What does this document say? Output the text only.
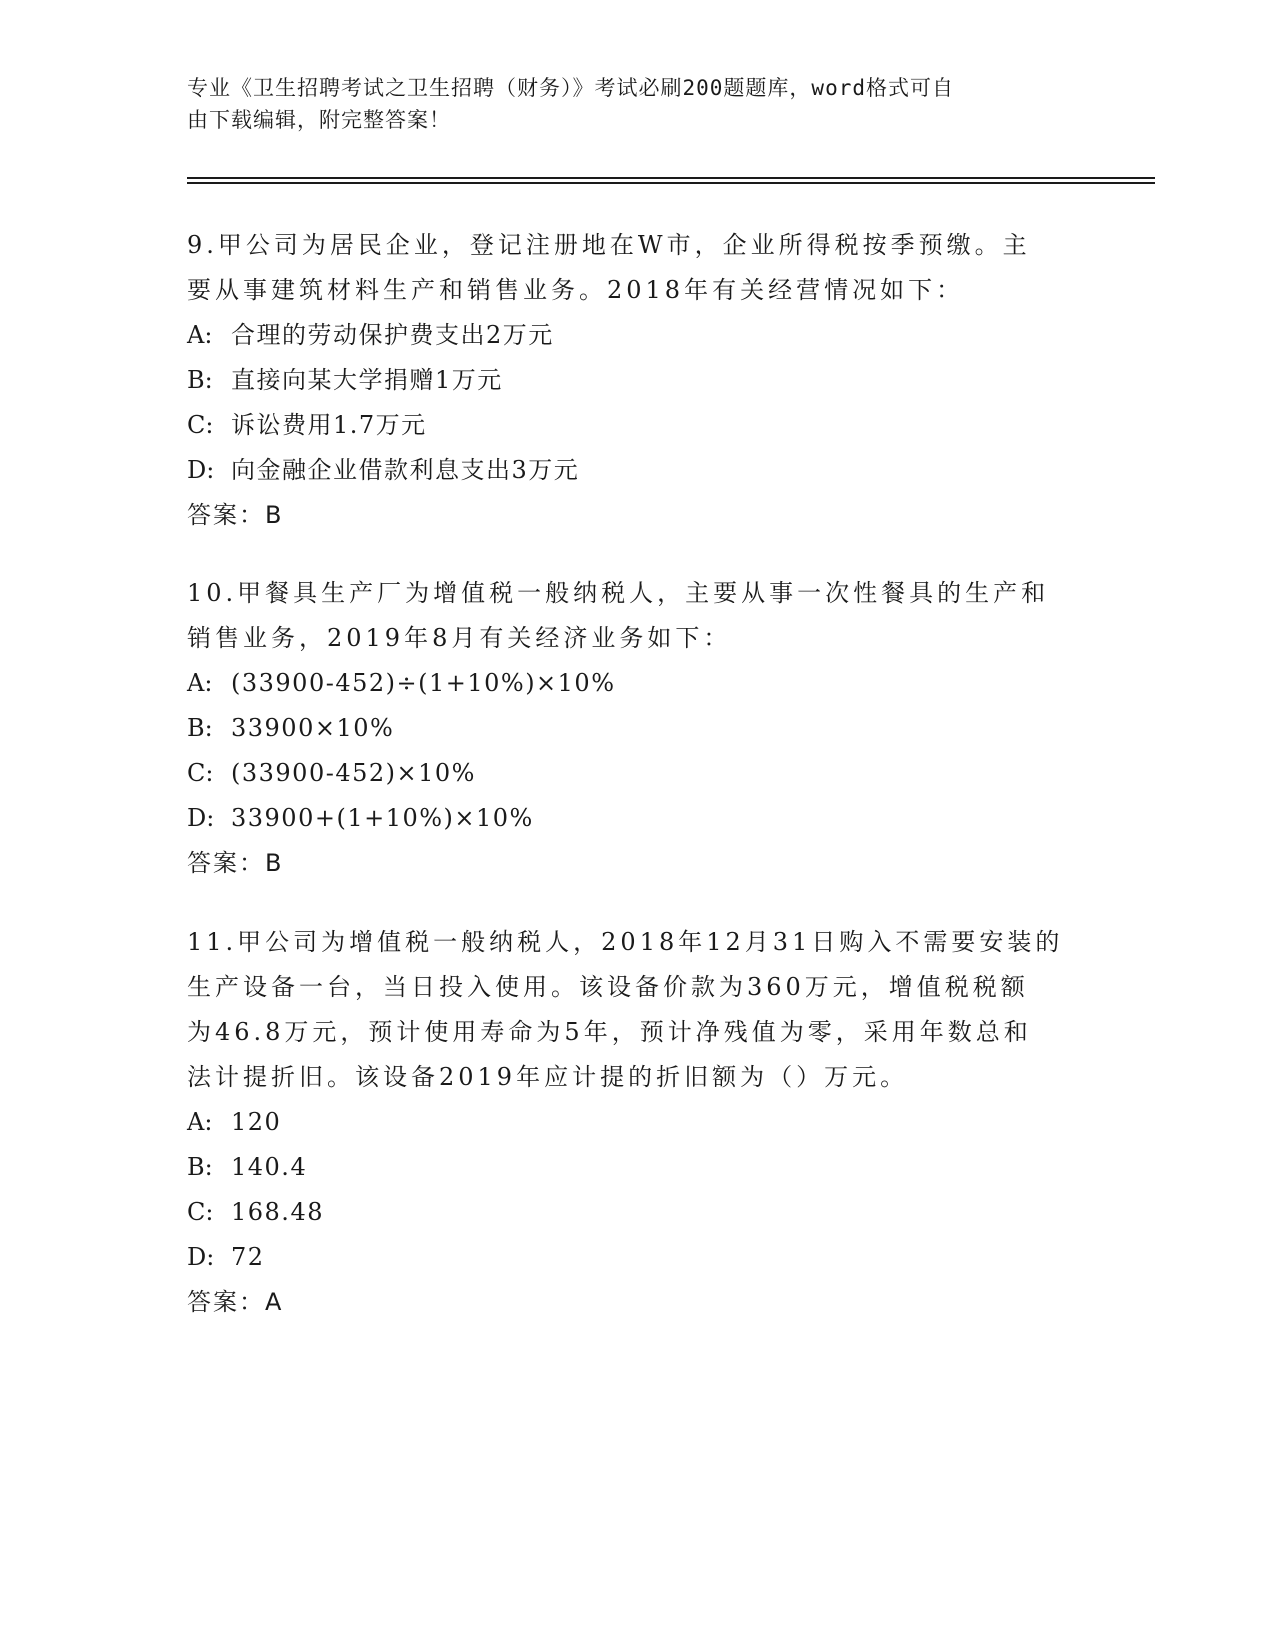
专业《卫生招聘考试之卫生招聘（财务）》考试必刷200题题库，word格式可自
由下载编辑，附完整答案！
9.甲公司为居民企业，登记注册地在W市，企业所得税按季预缴。主
要从事建筑材料生产和销售业务。2018年有关经营情况如下：
A: 合理的劳动保护费支出2万元
B: 直接向某大学捐赠1万元
C: 诉讼费用1.7万元
D: 向金融企业借款利息支出3万元
答案：B
10.甲餐具生产厂为增值税一般纳税人，主要从事一次性餐具的生产和
销售业务，2019年8月有关经济业务如下：
A: (33900-452)÷(1+10%)×10%
B: 33900×10%
C: (33900-452)×10%
D: 33900+(1+10%)×10%
答案：B
11.甲公司为增值税一般纳税人，2018年12月31日购入不需要安装的
生产设备一台，当日投入使用。该设备价款为360万元，增值税税额
为46.8万元，预计使用寿命为5年，预计净残值为零，采用年数总和
法计提折旧。该设备2019年应计提的折旧额为（）万元。
A: 120
B: 140.4
C: 168.48
D: 72
答案：A
